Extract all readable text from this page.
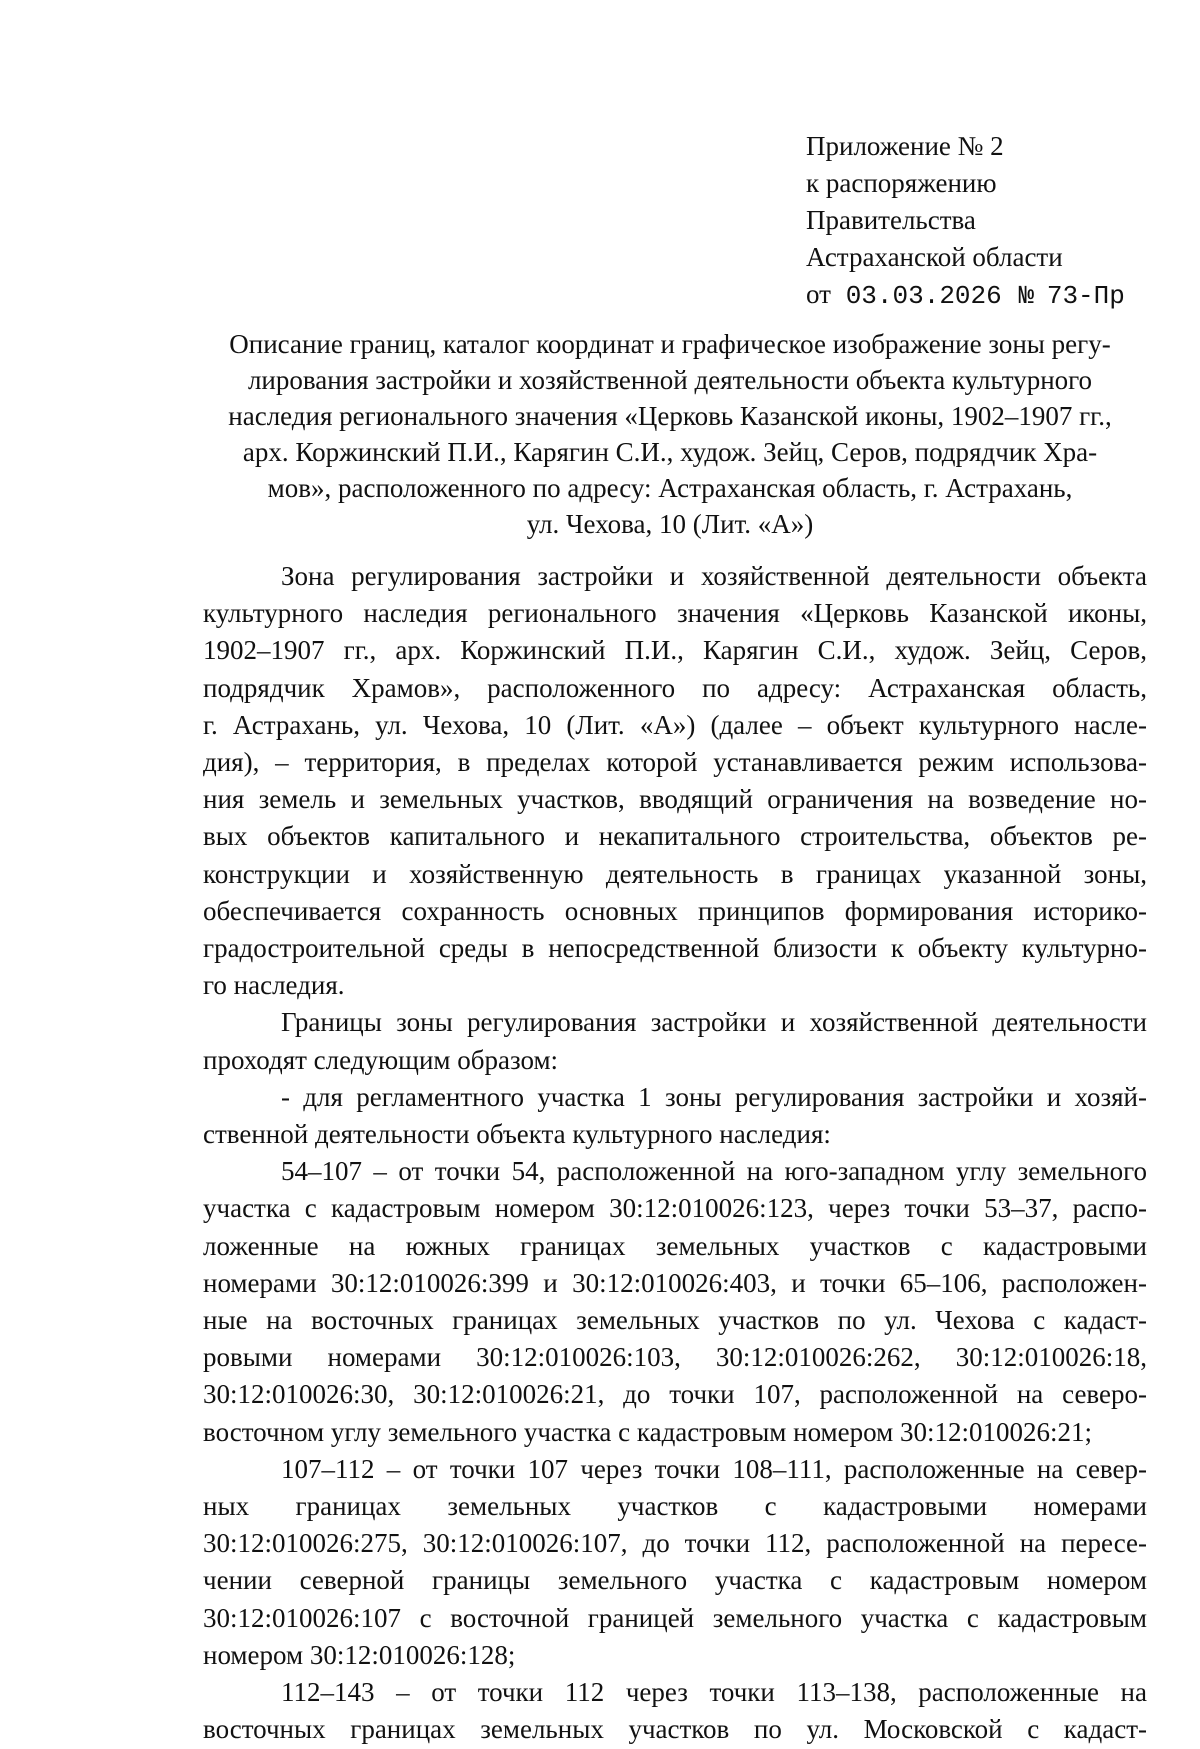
Приложение № 2
к распоряжению
Правительства
Астраханской области
от 03.03.2026 № 73-Пр
Описание границ, каталог координат и графическое изображение зоны регу-
лирования застройки и хозяйственной деятельности объекта культурного
наследия регионального значения «Церковь Казанской иконы, 1902–1907 гг.,
арх. Коржинский П.И., Карягин С.И., худож. Зейц, Серов, подрядчик Хра-
мов», расположенного по адресу: Астраханская область, г. Астрахань,
ул. Чехова, 10 (Лит. «А»)
Зона регулирования застройки и хозяйственной деятельности объекта
культурного наследия регионального значения «Церковь Казанской иконы,
1902–1907 гг., арх. Коржинский П.И., Карягин С.И., худож. Зейц, Серов,
подрядчик Храмов», расположенного по адресу: Астраханская область,
г. Астрахань, ул. Чехова, 10 (Лит. «А») (далее – объект культурного насле-
дия), – территория, в пределах которой устанавливается режим использова-
ния земель и земельных участков, вводящий ограничения на возведение но-
вых объектов капитального и некапитального строительства, объектов ре-
конструкции и хозяйственную деятельность в границах указанной зоны,
обеспечивается сохранность основных принципов формирования историко-
градостроительной среды в непосредственной близости к объекту культурно-
го наследия.
Границы зоны регулирования застройки и хозяйственной деятельности
проходят следующим образом:
- для регламентного участка 1 зоны регулирования застройки и хозяй-
ственной деятельности объекта культурного наследия:
54–107 – от точки 54, расположенной на юго-западном углу земельного
участка с кадастровым номером 30:12:010026:123, через точки 53–37, распо-
ложенные на южных границах земельных участков с кадастровыми
номерами 30:12:010026:399 и 30:12:010026:403, и точки 65–106, расположен-
ные на восточных границах земельных участков по ул. Чехова с кадаст-
ровыми номерами 30:12:010026:103, 30:12:010026:262, 30:12:010026:18,
30:12:010026:30, 30:12:010026:21, до точки 107, расположенной на северо-
восточном углу земельного участка с кадастровым номером 30:12:010026:21;
107–112 – от точки 107 через точки 108–111, расположенные на север-
ных границах земельных участков с кадастровыми номерами
30:12:010026:275, 30:12:010026:107, до точки 112, расположенной на пересе-
чении северной границы земельного участка с кадастровым номером
30:12:010026:107 с восточной границей земельного участка с кадастровым
номером 30:12:010026:128;
112–143 – от точки 112 через точки 113–138, расположенные на
восточных границах земельных участков по ул. Московской с кадаст-
